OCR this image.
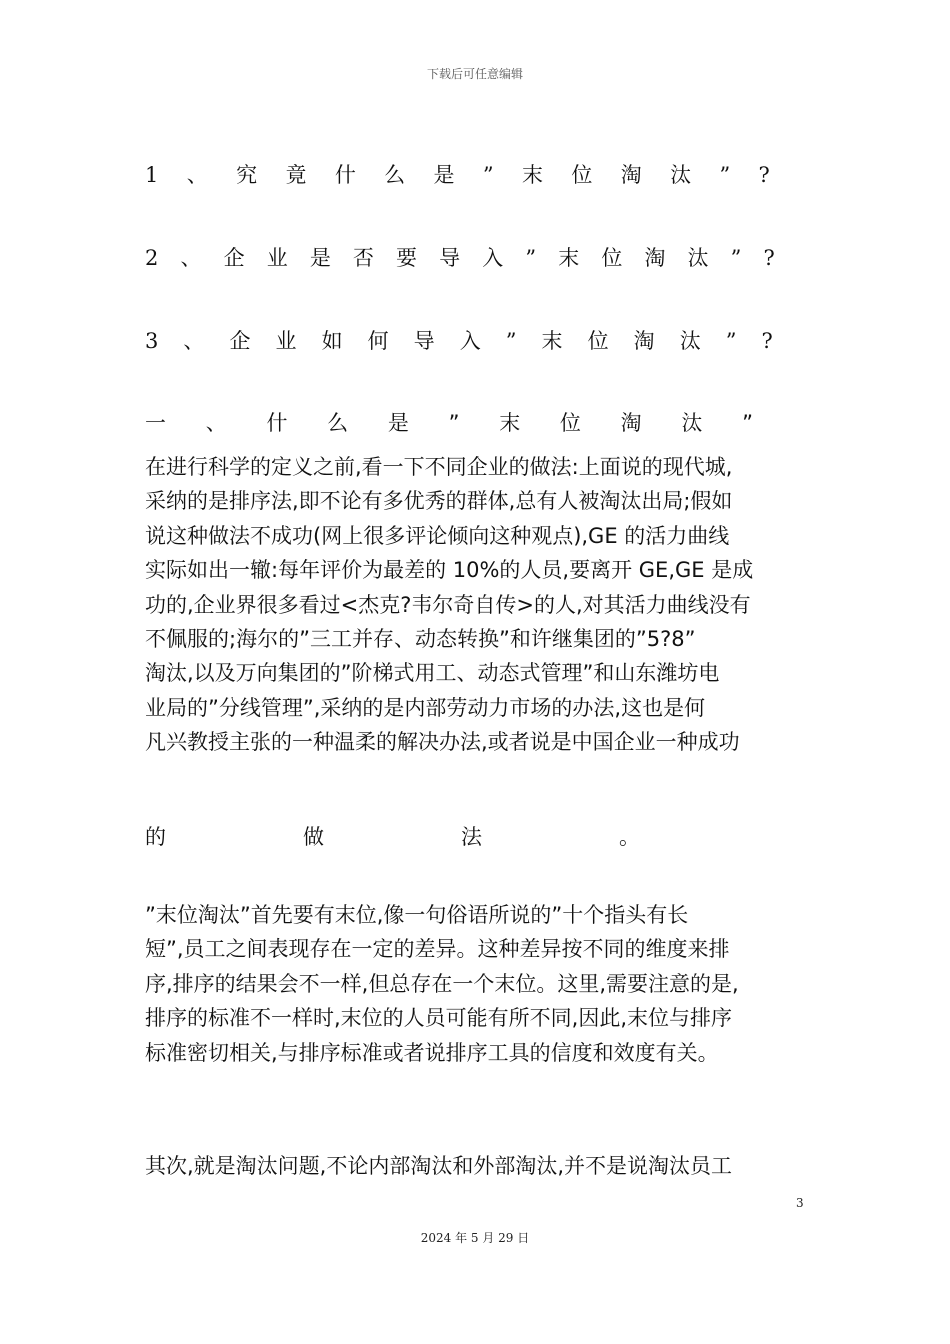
下载后可任意编辑
1 、 究 竟 什 么 是 ” 末 位 淘 汰 ” ?
2 、 企 业 是 否 要 导 入 ” 末 位 淘 汰 ” ?
3 、 企 业 如 何 导 入 ” 末 位 淘 汰 ” ?
一 、 什 么 是 ” 末 位 淘 汰 ”
在进行科学的定义之前,看一下不同企业的做法:上面说的现代城,
采纳的是排序法,即不论有多优秀的群体,总有人被淘汰出局;假如
说这种做法不成功(网上很多评论倾向这种观点),GE 的活力曲线
实际如出一辙:每年评价为最差的 10%的人员,要离开 GE,GE 是成
功的,企业界很多看过<杰克?韦尔奇自传>的人,对其活力曲线没有
不佩服的;海尔的”三工并存、动态转换”和许继集团的”5?8”
淘汰,以及万向集团的”阶梯式用工、动态式管理”和山东潍坊电
业局的”分线管理”,采纳的是内部劳动力市场的办法,这也是何
凡兴教授主张的一种温柔的解决办法,或者说是中国企业一种成功
的	做	法	。
”末位淘汰”首先要有末位,像一句俗语所说的”十个指头有长
短”,员工之间表现存在一定的差异。这种差异按不同的维度来排
序,排序的结果会不一样,但总存在一个末位。这里,需要注意的是,
排序的标准不一样时,末位的人员可能有所不同,因此,末位与排序
标准密切相关,与排序标准或者说排序工具的信度和效度有关。
其次,就是淘汰问题,不论内部淘汰和外部淘汰,并不是说淘汰员工
3
2024 年 5 月 29 日
